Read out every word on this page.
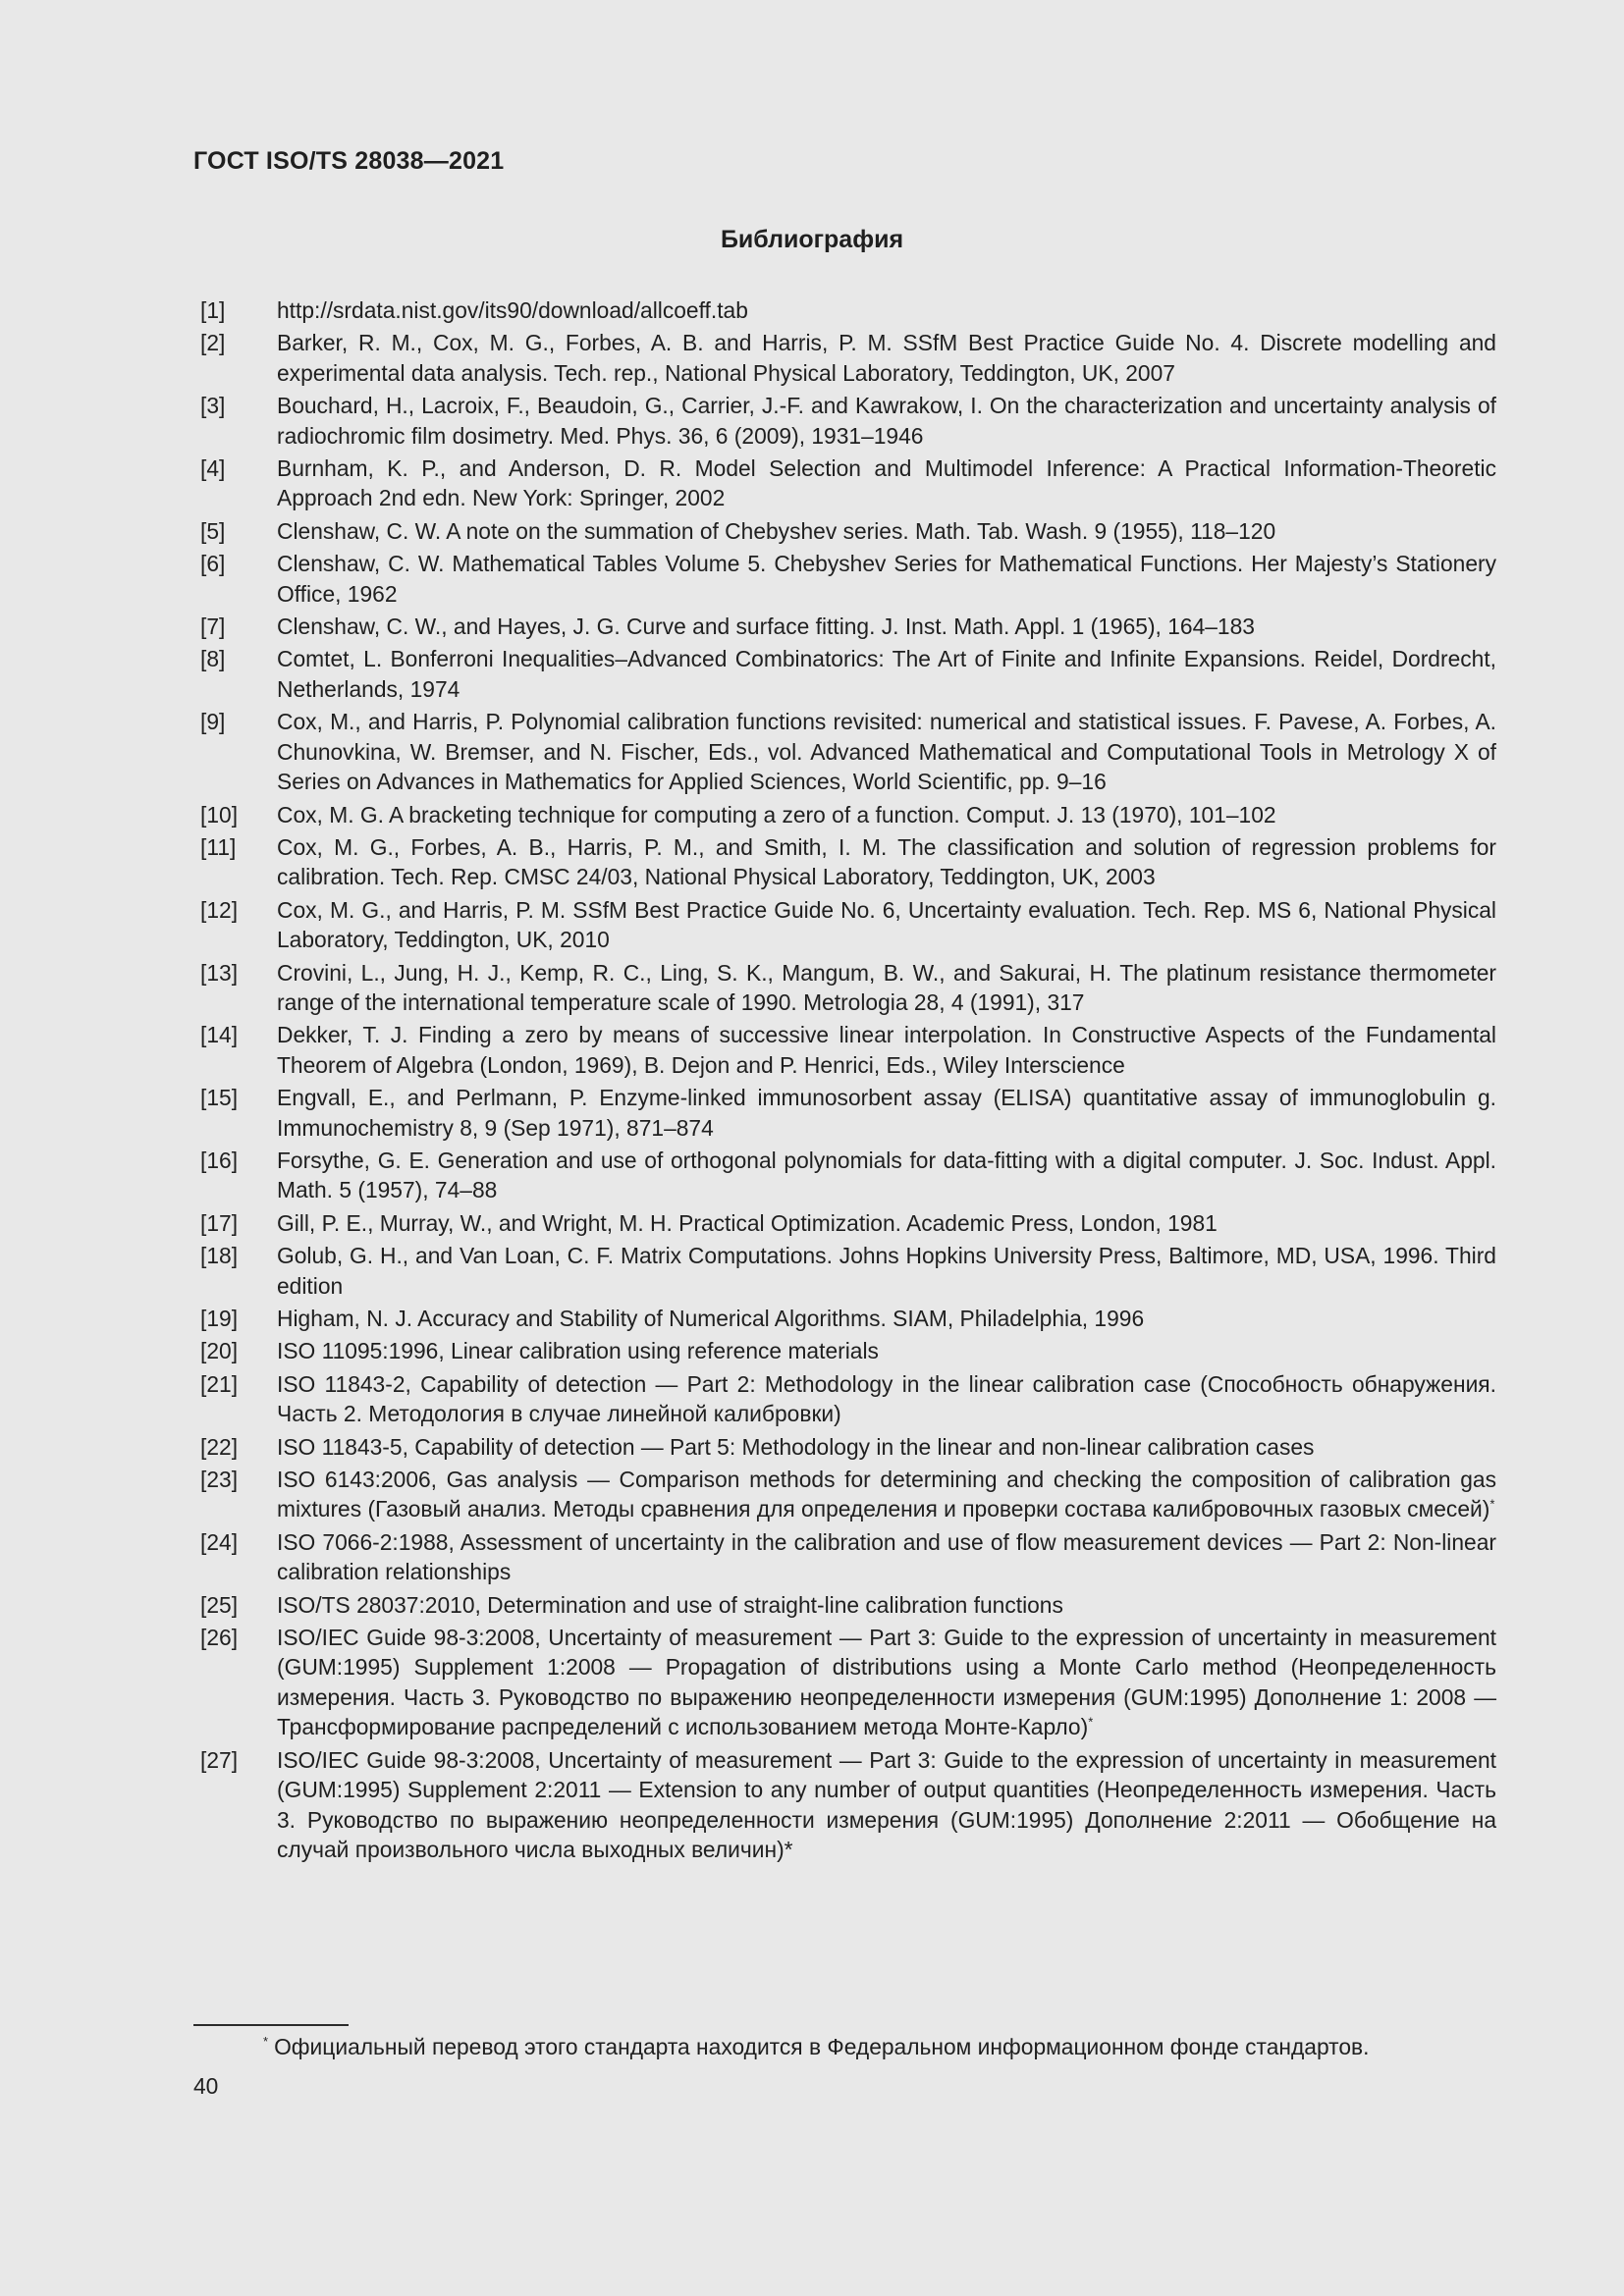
ГОСТ ISO/TS 28038—2021

Библиография
[1]	http://srdata.nist.gov/its90/download/allcoeff.tab
[2]	Barker, R. M., Cox, M. G., Forbes, A. B. and Harris, P. M. SSfM Best Practice Guide No. 4. Discrete modelling and experimental data analysis. Tech. rep., National Physical Laboratory, Teddington, UK, 2007
[3]	Bouchard, H., Lacroix, F., Beaudoin, G., Carrier, J.-F. and Kawrakow, I. On the characterization and uncertainty analysis of radiochromic film dosimetry. Med. Phys. 36, 6 (2009), 1931–1946
[4]	Burnham, K. P., and Anderson, D. R. Model Selection and Multimodel Inference: A Practical Information-Theoretic Approach 2nd edn. New York: Springer, 2002
[5]	Clenshaw, C. W. A note on the summation of Chebyshev series. Math. Tab. Wash. 9 (1955), 118–120
[6]	Clenshaw, C. W. Mathematical Tables Volume 5. Chebyshev Series for Mathematical Functions. Her Majesty’s Stationery Office, 1962
[7]	Clenshaw, C. W., and Hayes, J. G. Curve and surface fitting. J. Inst. Math. Appl. 1 (1965), 164–183
[8]	Comtet, L. Bonferroni Inequalities–Advanced Combinatorics: The Art of Finite and Infinite Expansions. Reidel, Dordrecht, Netherlands, 1974
[9]	Cox, M., and Harris, P. Polynomial calibration functions revisited: numerical and statistical issues. F. Pavese, A. Forbes, A. Chunovkina, W. Bremser, and N. Fischer, Eds., vol. Advanced Mathematical and Computational Tools in Metrology X of Series on Advances in Mathematics for Applied Sciences, World Scientific, pp. 9–16
[10]	Cox, M. G. A bracketing technique for computing a zero of a function. Comput. J. 13 (1970), 101–102
[11]	Cox, M. G., Forbes, A. B., Harris, P. M., and Smith, I. M. The classification and solution of regression problems for calibration. Tech. Rep. CMSC 24/03, National Physical Laboratory, Teddington, UK, 2003
[12]	Cox, M. G., and Harris, P. M. SSfM Best Practice Guide No. 6, Uncertainty evaluation. Tech. Rep. MS 6, National Physical Laboratory, Teddington, UK, 2010
[13]	Crovini, L., Jung, H. J., Kemp, R. C., Ling, S. K., Mangum, B. W., and Sakurai, H. The platinum resistance thermometer range of the international temperature scale of 1990. Metrologia 28, 4 (1991), 317
[14]	Dekker, T. J. Finding a zero by means of successive linear interpolation. In Constructive Aspects of the Fundamental Theorem of Algebra (London, 1969), B. Dejon and P. Henrici, Eds., Wiley Interscience
[15]	Engvall, E., and Perlmann, P. Enzyme-linked immunosorbent assay (ELISA) quantitative assay of immunoglobulin g. Immunochemistry 8, 9 (Sep 1971), 871–874
[16]	Forsythe, G. E. Generation and use of orthogonal polynomials for data-fitting with a digital computer. J. Soc. Indust. Appl. Math. 5 (1957), 74–88
[17]	Gill, P. E., Murray, W., and Wright, M. H. Practical Optimization. Academic Press, London, 1981
[18]	Golub, G. H., and Van Loan, C. F. Matrix Computations. Johns Hopkins University Press, Baltimore, MD, USA, 1996. Third edition
[19]	Higham, N. J. Accuracy and Stability of Numerical Algorithms. SIAM, Philadelphia, 1996
[20]	ISO 11095:1996, Linear calibration using reference materials
[21]	ISO 11843-2, Capability of detection — Part 2: Methodology in the linear calibration case (Способность обнаружения. Часть 2. Методология в случае линейной калибровки)
[22]	ISO 11843-5, Capability of detection — Part 5: Methodology in the linear and non-linear calibration cases
[23]	ISO 6143:2006, Gas analysis — Comparison methods for determining and checking the composition of calibration gas mixtures (Газовый анализ. Методы сравнения для определения и проверки состава калибровочных газовых смесей)*
[24]	ISO 7066-2:1988, Assessment of uncertainty in the calibration and use of flow measurement devices — Part 2: Non-linear calibration relationships
[25]	ISO/TS 28037:2010, Determination and use of straight-line calibration functions
[26]	ISO/IEC Guide 98-3:2008, Uncertainty of measurement — Part 3: Guide to the expression of uncertainty in measurement (GUM:1995) Supplement 1:2008 — Propagation of distributions using a Monte Carlo method (Неопределенность измерения. Часть 3. Руководство по выражению неопределенности измерения (GUM:1995) Дополнение 1: 2008 — Трансформирование распределений с использованием метода Монте-Карло)*
[27]	ISO/IEC Guide 98-3:2008, Uncertainty of measurement — Part 3: Guide to the expression of uncertainty in measurement (GUM:1995) Supplement 2:2011 — Extension to any number of output quantities (Неопределенность измерения. Часть 3. Руководство по выражению неопределенности измерения (GUM:1995) Дополнение 2:2011 — Обобщение на случай произвольного числа выходных величин)*

* Официальный перевод этого стандарта находится в Федеральном информационном фонде стандартов.

40
